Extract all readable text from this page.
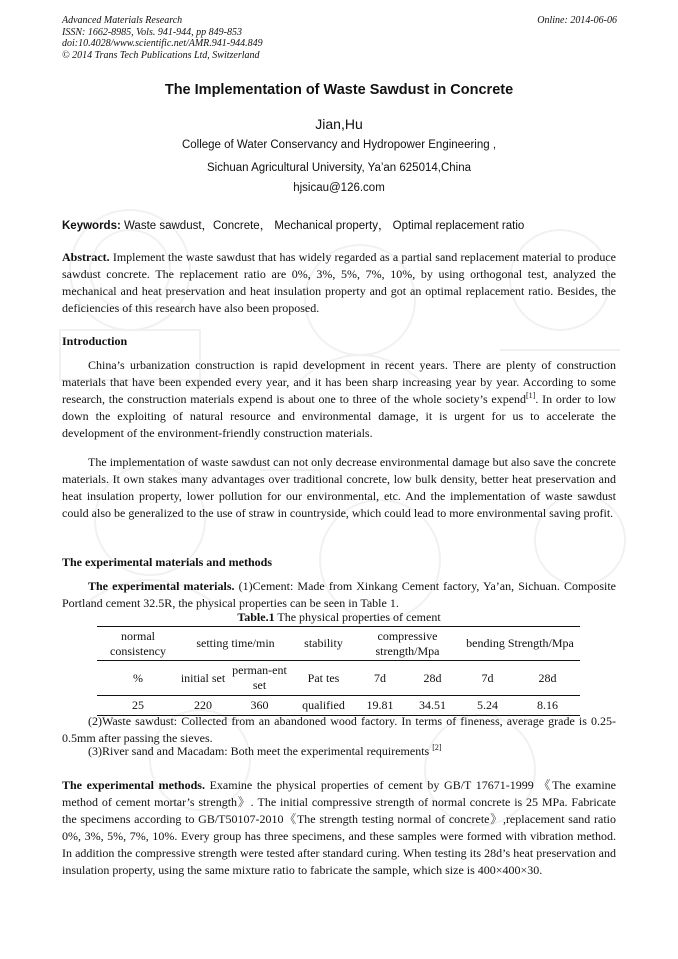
Advanced Materials Research
ISSN: 1662-8985, Vols. 941-944, pp 849-853
doi:10.4028/www.scientific.net/AMR.941-944.849
© 2014 Trans Tech Publications Ltd, Switzerland
Online: 2014-06-06
The Implementation of Waste Sawdust in Concrete
Jian,Hu
College of Water Conservancy and Hydropower Engineering ,
Sichuan Agricultural University, Ya’an 625014,China
hjsicau@126.com
Keywords: Waste sawdust，Concrete， Mechanical property， Optimal replacement ratio
Abstract. Implement the waste sawdust that has widely regarded as a partial sand replacement material to produce sawdust concrete. The replacement ratio are 0%, 3%, 5%, 7%, 10%, by using orthogonal test, analyzed the mechanical and heat preservation and heat insulation property and got an optimal replacement ratio. Besides, the deficiencies of this research have also been proposed.
Introduction
China’s urbanization construction is rapid development in recent years. There are plenty of construction materials that have been expended every year, and it has been sharp increasing year by year. According to some research, the construction materials expend is about one to three of the whole society’s expend[1]. In order to low down the exploiting of natural resource and environmental damage, it is urgent for us to accelerate the development of the environment-friendly construction materials.
The implementation of waste sawdust can not only decrease environmental damage but also save the concrete materials. It own stakes many advantages over traditional concrete, low bulk density, better heat preservation and heat insulation property, lower pollution for our environmental, etc. And the implementation of waste sawdust could also be generalized to the use of straw in countryside, which could lead to more environmental saving profit.
The experimental materials and methods
The experimental materials. (1)Cement: Made from Xinkang Cement factory, Ya’an, Sichuan. Composite Portland cement 32.5R, the physical properties can be seen in Table 1.
Table.1 The physical properties of cement
normal consistency	setting time/min		stability	compressive strength/Mpa		bending Strength/Mpa	
%	initial set	perman-ent set	Pat tes	7d	28d	7d	28d
25	220	360	qualified	19.81	34.51	5.24	8.16
(2)Waste sawdust: Collected from an abandoned wood factory. In terms of fineness, average grade is 0.25-0.5mm after passing the sieves.
(3)River sand and Macadam: Both meet the experimental requirements [2]
The experimental methods. Examine the physical properties of cement by GB/T 17671-1999 《The examine method of cement mortar’s strength》. The initial compressive strength of normal concrete is 25 MPa. Fabricate the specimens according to GB/T50107-2010《The strength testing normal of concrete》,replacement sand ratio 0%, 3%, 5%, 7%, 10%. Every group has three specimens, and these samples were formed with vibration method. In addition the compressive strength were tested after standard curing. When testing its 28d’s heat preservation and insulation property, using the same mixture ratio to fabricate the sample, which size is 400×400×30.
